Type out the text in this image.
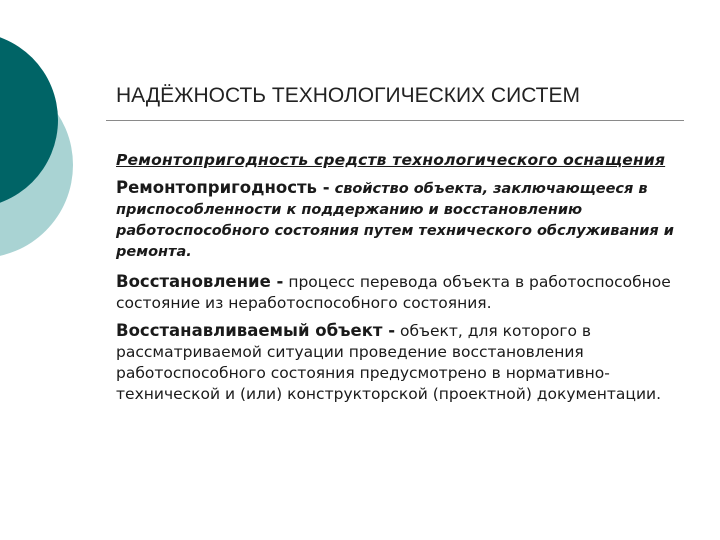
НАДЁЖНОСТЬ ТЕХНОЛОГИЧЕСКИХ СИСТЕМ

Ремонтопригодность средств технологического оснащения

Ремонтопригодность - свойство объекта, заключающееся в приспособленности к поддержанию и восстановлению работоспособного состояния путем технического обслуживания и ремонта.

Восстановление - процесс перевода объекта в работоспособное состояние из неработоспособного состояния.

Восстанавливаемый объект - объект, для которого в рассматриваемой ситуации проведение восстановления работоспособного состояния предусмотрено в нормативно-технической и (или) конструкторской (проектной) документации.
